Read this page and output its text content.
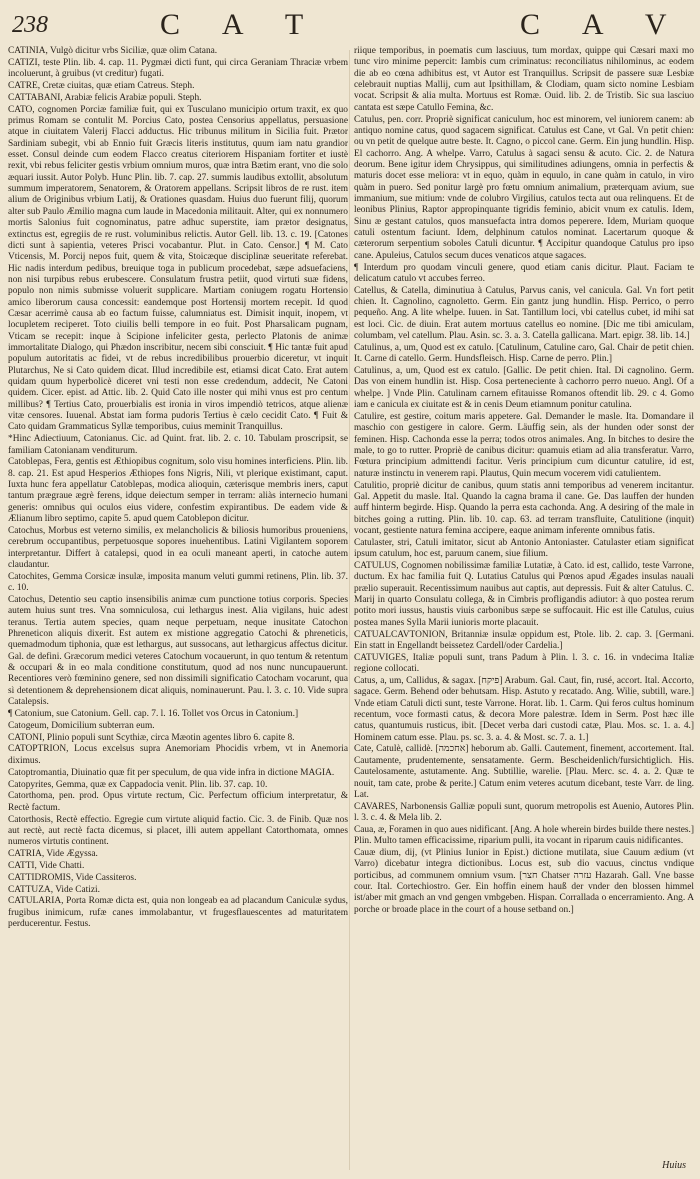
238	C A T	C A V

CATINIA, Vulgò dicitur vrbs Siciliæ, quæ olim Catana.

CATIZI, teste Plin. lib. 4. cap. 11. Pygmæi dicti funt, qui circa Geraniam Thraciæ vrbem incoluerunt, à gruibus (vt creditur) fugati.

CATRE, Cretæ ciuitas, quæ etiam Catreus. Steph.

CATTABANI, Arabiæ felicis Arabiæ populi. Steph.

CATO, cognomen Porciæ familiæ fuit, qui ex Tusculano municipio ortum traxit, ex quo primus Romam se contulit M. Porcius Cato, postea Censorius appellatus, persuasione atque in ciuitatem Valerij Flacci adductus. Hic tribunus militum in Sicilia fuit. Prætor Sardiniam subegit, vbi ab Ennio fuit Græcis literis institutus, quum iam natu grandior esset. Consul deinde cum eodem Flacco creatus citeriorem Hispaniam fortiter et iustè rexit, vbi rebus feliciter gestis vrbium omnium muros, quæ intra Bætim erant, vno die solo æquari iussit. Autor Polyb. Hunc Plin. lib. 7. cap. 27. summis laudibus extollit, absolutum summum imperatorem, Senatorem, & Oratorem appellans. Scripsit libros de re rust. item alium de Originibus vrbium Latij, & Orationes quasdam. Huius duo fuerunt filij, quorum alter sub Paulo Æmilio magna cum laude in Macedonia militauit. Alter, qui ex nonnumero mortis Salonius fuit cognominatus, patre adhuc superstite, iam prætor designatus, extinctus est, egregiis de re rust. voluminibus relictis. Autor Gell. lib. 13. c. 19. [Catones dicti sunt à sapientia, veteres Prisci vocabantur. Plut. in Cato. Censor.] ¶ M. Cato Vticensis, M. Porcij nepos fuit, quem & vita, Stoicæque disciplinæ seueritate referebat. Hic nadis interdum pedibus, breuique toga in publicum procedebat, sæpe adsuefaciens, non nisi turpibus rebus erubescere. Consulatum frustra petiit, quod virtuti suæ fidens, populo non nimis submisse voluerit supplicare. Martiam coniugem rogatu Hortensio amico liberorum causa concessit: eandemque post Hortensij mortem recepit. Id quod Cæsar acerrimè causa ab eo factum fuisse, calumniatus est. Dimisit inquit, inopem, vt locupletem reciperet. Toto ciuilis belli tempore in eo fuit. Post Pharsalicam pugnam, Vticam se recepit: inque à Scipione infeliciter gesta, perlecto Platonis de animæ immortalitate Dialogo, qui Phædon inscribitur, necem sibi consciuit. ¶ Hic tantæ fuit apud populum autoritatis ac fidei, vt de rebus incredibilibus prouerbio diceretur, vt inquit Plutarchus, Ne si Cato quidem dicat. Illud incredibile est, etiamsi dicat Cato. Erat autem quidam quum hyperbolicè diceret vni testi non esse credendum, addecit, Ne Catoni quidem. Cicer. epist. ad Attic. lib. 2. Quid Cato ille noster qui mihi vnus est pro centum millibus? ¶ Tertius Cato, prouerbialis est ironia in viros impendiò tetricos, atque alienæ vitæ censores. Iuuenal. Abstat iam forma pudoris Tertius è cælo cecidit Cato. ¶ Fuit & Cato quidam Grammaticus Syllæ temporibus, cuius meminit Tranquillus.

*Hinc Adiectiuum, Catonianus. Cic. ad Quint. frat. lib. 2. c. 10. Tabulam proscripsit, se familiam Catonianam venditurum.

Catoblepas, Fera, gentis est Æthiopibus cognitum, solo visu homines interficiens. Plin. lib. 8. cap. 21. Est apud Hesperios Æthiopes fons Nigris, Nili, vt plerique existimant, caput. Iuxta hunc fera appellatur Catoblepas, modica alioquin, cæterisque membris iners, caput tantum prægraue ægrè ferens, idque deiectum semper in terram: aliàs internecio humani generis: omnibus qui oculos eius videre, confestim expirantibus. De eadem vide & Ælianum libro septimo, capite 5. apud quem Catoblepon dicitur.

Catochus, Morbus est veterno similis, ex melancholicis & biliosis humoribus proueniens, cerebrum occupantibus, perpetuosque sopores inuehentibus. Latini Vigilantem soporem interpretantur. Differt à catalepsi, quod in ea oculi maneant aperti, in catoche autem claudantur.

Catochites, Gemma Corsicæ insulæ, imposita manum veluti gummi retinens, Plin. lib. 37. c. 10.

Catochus, Detentio seu captio insensibilis animæ cum punctione totius corporis. Species autem huius sunt tres. Vna somniculosa, cui lethargus inest. Alia vigilans, huic adest teranus. Tertia autem species, quam neque perpetuam, neque inusitate Catochon Phreneticon aliquis dixerit. Est autem ex mistione aggregatio Catochi & phreneticis, quemadmodum tiphonia, quæ est lethargus, aut sussocans, aut lethargicus affectus dicitur. Gal. de defini. Græcorum medici veteres Catochum vocauerunt, in quo tentum & retentum & occupari & in eo mala conditione constitutum, quod ad nos nunc nuncupauerunt. Recentiores verò fœminino genere, sed non dissimili significatio Catocham vocarunt, qua sì detentionem & deprehensionem dicat aliquis, nominauerunt. Pau. l. 3. c. 10. Vide supra Catalepsis.

¶ Catonium, sue Catonium. Gell. cap. 7. l. 16. Tollet vos Orcus in Catonium.]

Catogeum, Domicilium subterran eum.

CATONI, Plinio populi sunt Scythiæ, circa Mæotin agentes libro 6. capite 8.

CATOPTRION, Locus excelsus supra Anemoriam Phocidis vrbem, vt in Anemoria diximus.

Catoptromantia, Diuinatio quæ fit per speculum, de qua vide infra in dictione MAGIA.

Catopyrites, Gemma, quæ ex Cappadocia venit. Plin. lib. 37. cap. 10.

Catorthoma, pen. prod. Opus virtute rectum, Cic. Perfectum officium interpretatur, & Rectè factum.

Catorthosis, Rectè effectio. Egregie cum virtute aliquid factio. Cic. 3. de Finib. Quæ nos aut rectè, aut rectè facta dicemus, si placet, illi autem appellant Catorthomata, omnes numeros virtutis continent.

CATRIA, Vide Ægyssa.

CATTI, Vide Chatti.

CATTIDROMIS, Vide Cassiteros.

CATTUZA, Vide Catizi.

CATULARIA, Porta Romæ dicta est, quia non longeab ea ad placandum Caniculæ sydus, frugibus inimicum, rufæ canes immolabantur, vt frugesflauescentes ad maturitatem perducerentur. Festus.

riique temporibus, in poematis cum lasciuus, tum mordax, quippe qui Cæsari maxi mo tunc viro minime pepercit: Iambis cum criminatus: reconciliatus nihilominus, ac eodem die ab eo cœna adhibitus est, vt Autor est Tranquillus. Scripsit de passere suæ Lesbiæ celebrauit nuptias Mallij, cum aut Ipsithillam, & Clodiam, quam sicto nomine Lesbiam vocat. Scripsit & alia multa. Mortuus est Romæ. Ouid. lib. 2. de Tristib. Sic sua lasciuo cantata est sæpe Catullo Femina, &c.

Catulus, pen. corr. Propriè significat caniculum, hoc est minorem, vel iuniorem canem: ab antiquo nomine catus, quod sagacem significat. Catulus est Cane, vt Gal. Vn petit chien: ou vn petit de quelque autre beste. It. Cagno, o piccol cane. Germ. Ein jung hundlin. Hisp. El cachorro. Ang. A whelpe. Varro, Catulus à sagaci sensu & acuto. Cic. 2. de Natura deorum. Bene igitur idem Chrysippus, qui similitudines adiungens, omnia in perfectis & maturis docet esse meliora: vt in equo, quàm in equulo, in cane quàm in catulo, in viro quàm in puero. Sed ponitur largè pro fœtu omnium animalium, præterquam avium, sue immanium, sue mitium: vnde de colubro Virgilius, catulos tecta aut oua relinquens. Et de leonibus Plinius, Raptor appropinquante tigridis feminio, abicit vnum ex catulis. Idem, Sinu æ gestant catulos, quos mansuefacta intra domos peperere. Idem, Muriam quoque catuli ostentum faciunt. Idem, delphinum catulos nominat. Lacertarum quoque & cæterorum serpentium soboles Catuli dicuntur. ¶ Accipitur quandoque Catulus pro ipso cane. Apuleius, Catulos secum duces venaticos atque sagaces.

¶ Interdum pro quodam vinculi genere, quod etiam canis dicitur. Plaut. Faciam te delicatum catulo vt accubes ferreo.

Catellus, & Catella, diminutiua à Catulus, Parvus canis, vel canicula. Gal. Vn fort petit chien. It. Cagnolino, cagnoletto. Germ. Ein gantz jung hundlin. Hisp. Perrico, o perro pequeño. Ang. A lite whelpe. Iuuen. in Sat. Tantillum loci, vbi catellus cubet, id mihi sat est loci. Cic. de diuin. Erat autem mortuus catellus eo nomine. [Dic me tibi amiculam, columbam, vel catellum. Plau. Asin. sc. 3. a. 3. Catella gallicana. Mart. epigr. 38. lib. 14.]

Catulinus, a, um, Quod est ex catulo. [Catulinum, Catuline caro, Gal. Chair de petit chien. It. Carne di catello. Germ. Hundsfleisch. Hisp. Carne de perro. Plin.]

Catulinus, a, um, Quod est ex catulo. [Gallic. De petit chien. Ital. Di cagnolino. Germ. Das von einem hundlin ist. Hisp. Cosa perteneciente à cachorro perro nueuo. Angl. Of a whelpe. ] Vnde Plin. Catulinam carnem efitauisse Romanos oftendit lib. 29. c 4. Gomo iam e canicula ex ciuitate est & in cenis Deum etiamnum ponitur catulina.

Catulire, est gestire, coitum maris appetere. Gal. Demander le masle. Ita. Domandare il maschio con gestigere in calore. Germ. Läuffig sein, als der hunden oder sonst der feminen. Hisp. Cachonda esse la perra; todos otros animales. Ang. In bitches to desire the male, to go to rutter. Propriè de canibus dicitur: quamuis etiam ad alia transferatur. Varro, Fœtura principium admittendi facitur. Veris principium cum dicuntur catulire, id est, naturæ instinctu in venerem rapi. Plautus, Quin mecum vocerem vidi catulientem.

Catulitio, propriè dicitur de canibus, quum statis anni temporibus ad venerem incitantur. Gal. Appetit du masle. Ital. Quando la cagna brama il cane. Ge. Das lauffen der hunden auff hinterm begirde. Hisp. Quando la perra esta cachonda. Ang. A desiring of the male in bitches going a rutting. Plin. lib. 10. cap. 63. ad terram transfluite, Catulitione (inquit) vocant, gestiente natura femina accipere, eaque animam inferente omnibus fatis.

Catulaster, stri, Catuli imitator, sicut ab Antonio Antoniaster. Catulaster etiam significat ipsum catulum, hoc est, paruum canem, siue filium.

CATULUS, Cognomen nobilissimæ familiæ Lutatiæ, à Cato. id est, callido, teste Varrone, ductum. Ex hac familia fuit Q. Lutatius Catulus qui Pœnos apud Ægades insulas nauali prælio superauit. Recentissimum nauibus aut captis, aut depressis. Fuit & alter Catulus. C. Marij in quarto Consulatu collega, & in Cimbris profligandis adiutor: à quo postea rerum potito mori iussus, haustis viuis carbonibus sæpe se suffocauit. Hic est ille Catulus, cuius postea manes Sylla Marii iunioris morte placauit.

CATUALCAVTONION, Britanniæ insulæ oppidum est, Ptole. lib. 2. cap. 3. [Germani. Ein statt in Engellandt beissetez Cardell/oder Cardelia.]

CATUVIGES, Italiæ populi sunt, trans Padum à Plin. l. 3. c. 16. in vndecima Italiæ regione collocati.

Catus, a, um, Callidus, & sagax. [פיקח] Arabum. Gal. Caut, fin, rusé, accort. Ital. Accorto, sagace. Germ. Behend oder behutsam. Hisp. Astuto y recatado. Ang. Wilie, subtill, ware.] Vnde etiam Catuli dicti sunt, teste Varrone. Horat. lib. 1. Carm. Qui feros cultus hominum recentum, voce formasti catus, & decora More palestræ. Idem in Serm. Post hæc ille catus, quantumuis rusticus, ibit. [Decet verba dari custodi catæ, Plau. Mos. sc. 1. a. 4.] Hominem catum esse. Plau. ps. sc. 3. a. 4. & Most. sc. 7. a. 1.]

Cate, Catulè, callidè. [אחכמה] heborum ab. Galli. Cautement, finement, accortement. Ital. Cautamente, prudentemente, sensatamente. Germ. Bescheidenlich/fursichtiglich. His. Cautelosamente, astutamente. Ang. Subtillie, warelie. [Plau. Merc. sc. 4. a. 2. Quæ te nouit, tam cate, probe & perite.] Catum enim veteres acutum dicebant, teste Varr. de ling. Lat.

CAVARES, Narbonensis Galliæ populi sunt, quorum metropolis est Auenio, Autores Plin. l. 3. c. 4. & Mela lib. 2.

Caua, æ, Foramen in quo aues nidificant. [Ang. A hole wherein birdes builde there nestes.] Plin. Multo tamen efficacissime, riparium pulli, ita vocant in riparum cauis nidificantes.

Cauæ dium, dij, (vt Plinius Iunior in Epist.) dictione mutilata, siue Cauum ædium (vt Varro) dicebatur integra dictionibus. Locus est, sub dio vacuus, cinctus vndique porticibus, ad communem omnium vsum. [חצר Chatser עזרה Hazarah. Gall. Vne basse cour. Ital. Cortechiostro. Ger. Ein hoffin einem hauß der vnder den blossen himmel ist/aber mit gmach an vnd gengen vmbgeben. Hispan. Corrallada o encerramiento. Ang. A porche or broade place in the court of a house setband on.]

Huius
